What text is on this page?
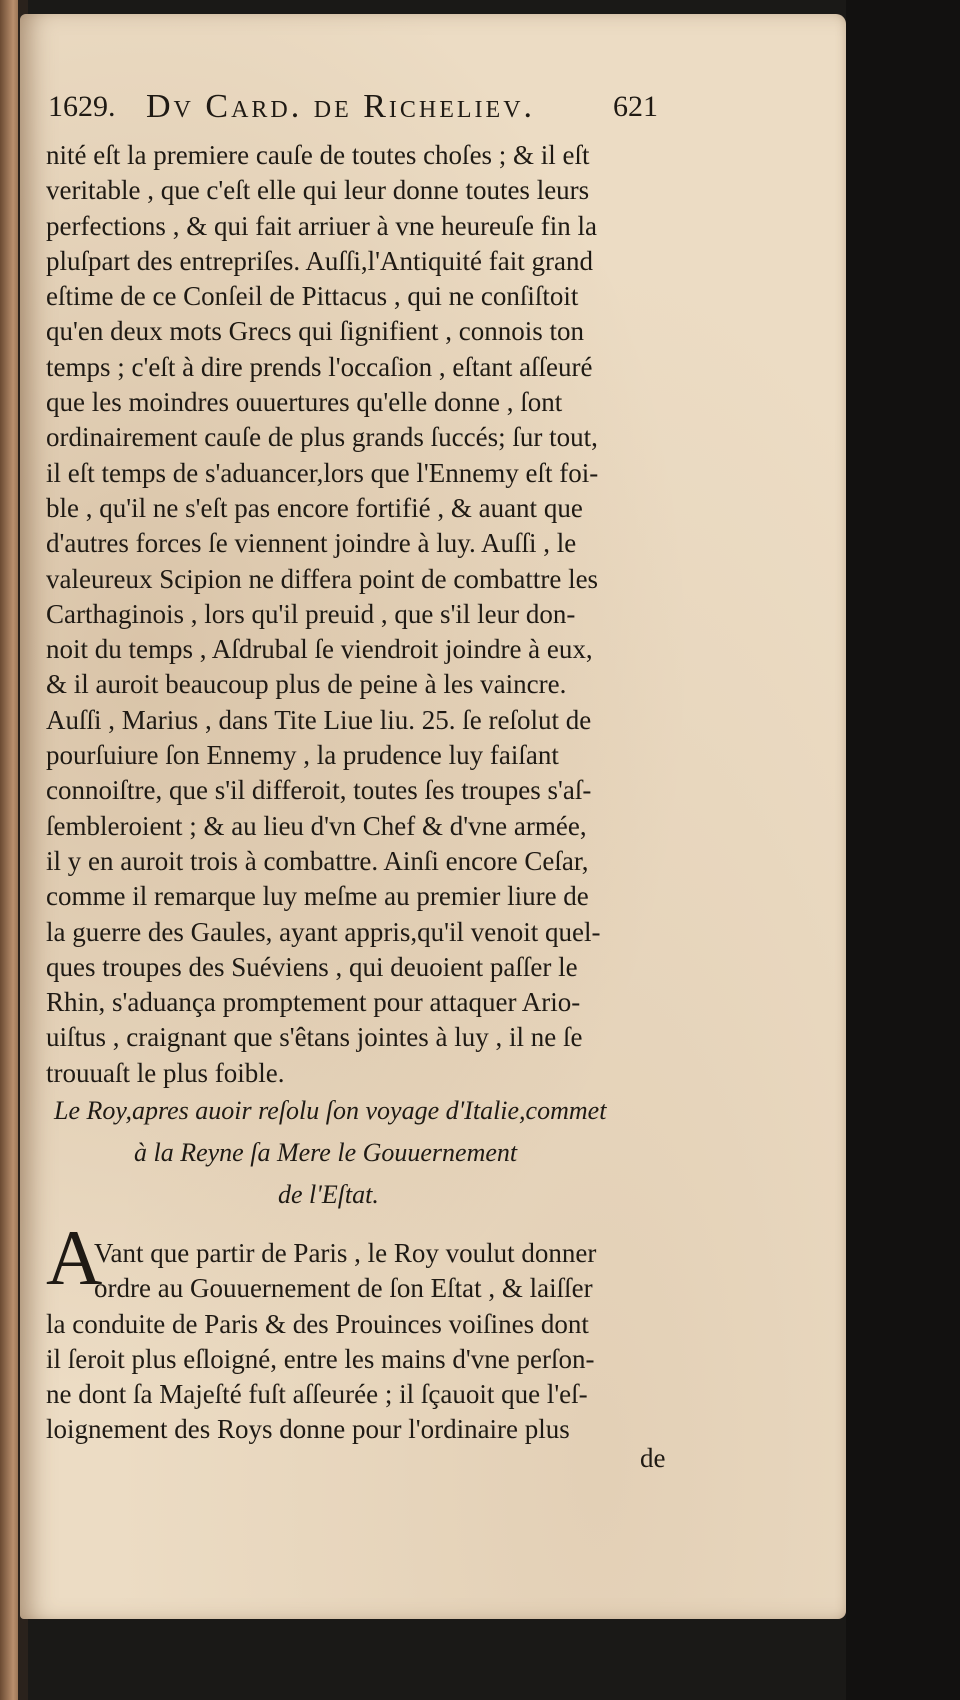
1629. Dv Card. de Richeliev.	621
nité eſt la premiere cauſe de toutes choſes ; & il eſt
veritable , que c'eſt elle qui leur donne toutes leurs
perfections , & qui fait arriuer à vne heureuſe fin la
pluſpart des entrepriſes. Auſſi,l'Antiquité fait grand
eſtime de ce Conſeil de Pittacus , qui ne conſiſtoit
qu'en deux mots Grecs qui ſignifient , connois ton
temps ; c'eſt à dire prends l'occaſion , eſtant aſſeuré
que les moindres ouuertures qu'elle donne , ſont
ordinairement cauſe de plus grands ſuccés; ſur tout,
il eſt temps de s'aduancer,lors que l'Ennemy eſt foi-
ble , qu'il ne s'eſt pas encore fortifié , & auant que
d'autres forces ſe viennent joindre à luy. Auſſi , le
valeureux Scipion ne differa point de combattre les
Carthaginois , lors qu'il preuid , que s'il leur don-
noit du temps , Aſdrubal ſe viendroit joindre à eux,
& il auroit beaucoup plus de peine à les vaincre.
Auſſi , Marius , dans Tite Liue liu. 25. ſe reſolut de
pourſuiure ſon Ennemy , la prudence luy faiſant
connoiſtre, que s'il differoit, toutes ſes troupes s'aſ-
ſembleroient ; & au lieu d'vn Chef & d'vne armée,
il y en auroit trois à combattre. Ainſi encore Ceſar,
comme il remarque luy meſme au premier liure de
la guerre des Gaules, ayant appris,qu'il venoit quel-
ques troupes des Suéviens , qui deuoient paſſer le
Rhin, s'aduança promptement pour attaquer Ario-
uiſtus , craignant que s'êtans jointes à luy , il ne ſe
trouuaſt le plus foible.
Le Roy,apres auoir reſolu ſon voyage d'Italie,commet
à la Reyne ſa Mere le Gouuernement
de l'Eſtat.
A
Vant que partir de Paris , le Roy voulut donner
ordre au Gouuernement de ſon Eſtat , & laiſſer
la conduite de Paris & des Prouinces voiſines dont
il ſeroit plus eſloigné, entre les mains d'vne perſon-
ne dont ſa Majeſté fuſt aſſeurée ; il ſçauoit que l'eſ-
loignement des Roys donne pour l'ordinaire plus
de
